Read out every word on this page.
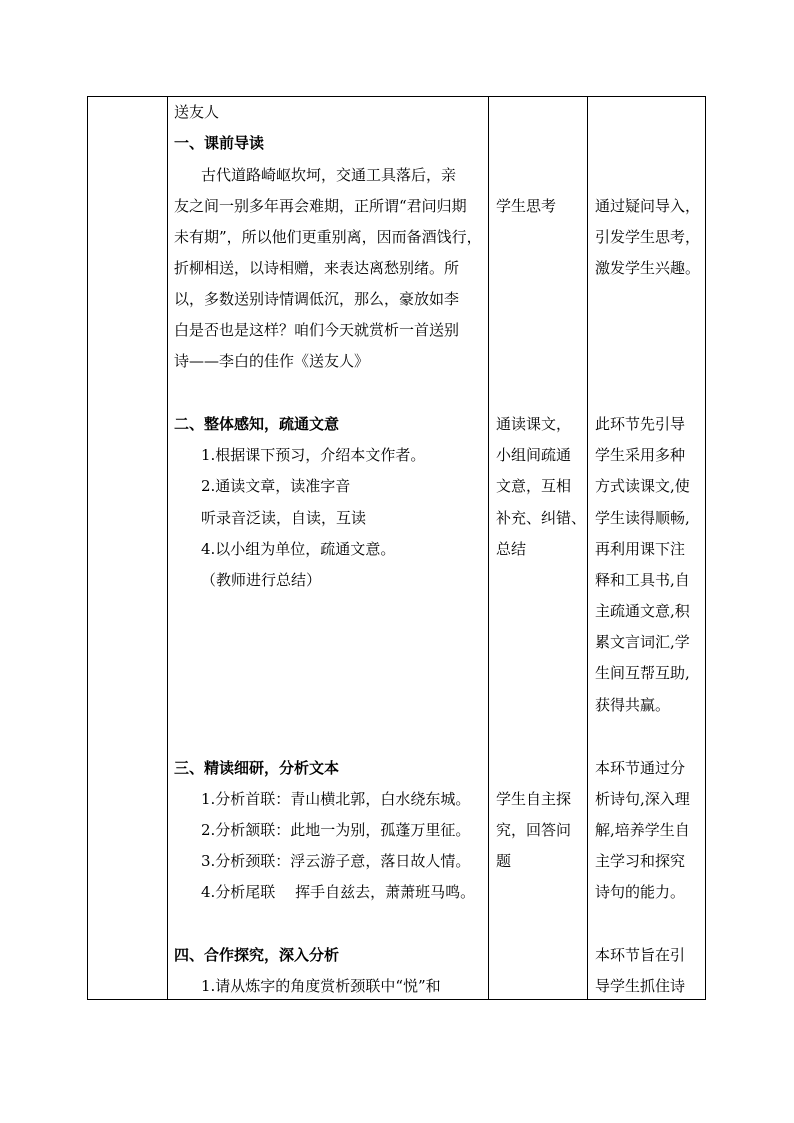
送友人
一、课前导读
古代道路崎岖坎坷，交通工具落后，亲
友之间一别多年再会难期，正所谓“君问归期
未有期”，所以他们更重别离，因而备酒饯行，
折柳相送，以诗相赠，来表达离愁别绪。所
以，多数送别诗情调低沉，那么，豪放如李
白是否也是这样？咱们今天就赏析一首送别
诗——李白的佳作《送友人》
二、整体感知，疏通文意
1.根据课下预习，介绍本文作者。
2.通读文章，读准字音
听录音泛读，自读，互读
4.以小组为单位，疏通文意。
（教师进行总结）
三、精读细研，分析文本
1.分析首联：青山横北郭，白水绕东城。
2.分析颔联：此地一为别，孤蓬万里征。
3.分析颈联：浮云游子意，落日故人情。
4.分析尾联　 挥手自兹去，萧萧班马鸣。
四、合作探究，深入分析
1.请从炼字的角度赏析颈联中“悦”和
学生思考
通读课文，
小组间疏通
文意，互相
补充、纠错、
总结
学生自主探
究，回答问
题
通过疑问导入，
引发学生思考，
激发学生兴趣。
此环节先引导
学生采用多种
方式读课文,使
学生读得顺畅,
再利用课下注
释和工具书,自
主疏通文意,积
累文言词汇,学
生间互帮互助,
获得共赢。
本环节通过分
析诗句,深入理
解,培养学生自
主学习和探究
诗句的能力。
本环节旨在引
导学生抓住诗
